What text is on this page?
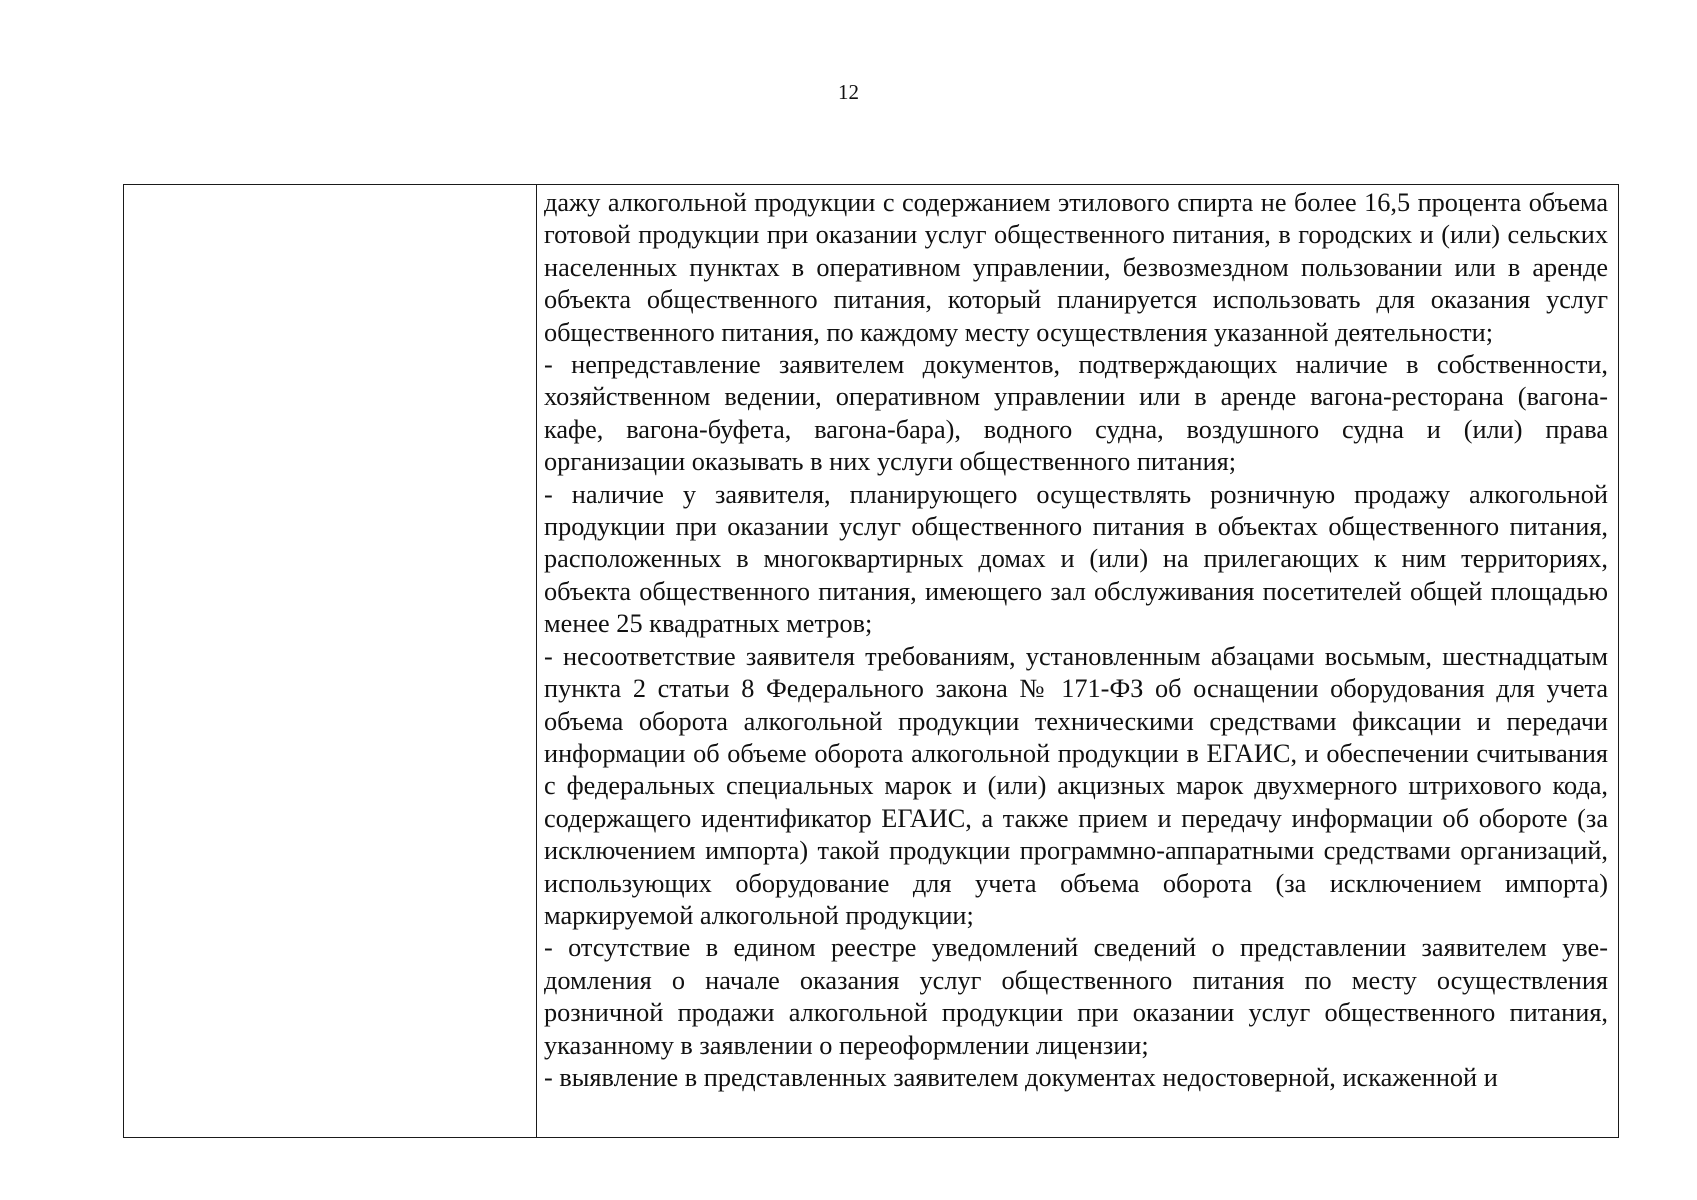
12

дажу алкогольной продукции с содержанием этилового спирта не более 16,5 процента объема готовой продукции при оказании услуг общественного питания, в городских и (или) сельских населенных пунктах в оперативном управлении, безвозмездном пользовании или в аренде объекта общественного питания, который планируется использовать для оказания услуг общественного питания, по каждому месту осуществления указанной деятельности;
- непредставление заявителем документов, подтверждающих наличие в собственности, хозяйственном ведении, оперативном управлении или в аренде вагона-ресторана (вагона-кафе, вагона-буфета, вагона-бара), водного судна, воздушного судна и (или) права организации оказывать в них услуги общественного питания;
- наличие у заявителя, планирующего осуществлять розничную продажу алкогольной продукции при оказании услуг общественного питания в объектах общественного питания, расположенных в многоквартирных домах и (или) на прилегающих к ним территориях, объекта общественного питания, имеющего зал обслуживания посетителей общей площадью менее 25 квадратных метров;
- несоответствие заявителя требованиям, установленным абзацами восьмым, шестнадцатым пункта 2 статьи 8 Федерального закона № 171-ФЗ об оснащении оборудования для учета объема оборота алкогольной продукции техническими средствами фиксации и передачи информации об объеме оборота алкогольной продукции в ЕГАИС, и обеспечении считывания с федеральных специальных марок и (или) акцизных марок двухмерного штрихового кода, содержащего идентификатор ЕГАИС, а также прием и передачу информации об обороте (за исключением импорта) такой продукции программно-аппаратными средствами организаций, использующих оборудование для учета объема оборота (за исключением импорта) маркируемой алкогольной продукции;
- отсутствие в едином реестре уведомлений сведений о представлении заявителем уведомления о начале оказания услуг общественного питания по месту осуществления розничной продажи алкогольной продукции при оказании услуг общественного питания, указанному в заявлении о переоформлении лицензии;
- выявление в представленных заявителем документах недостоверной, искаженной и
